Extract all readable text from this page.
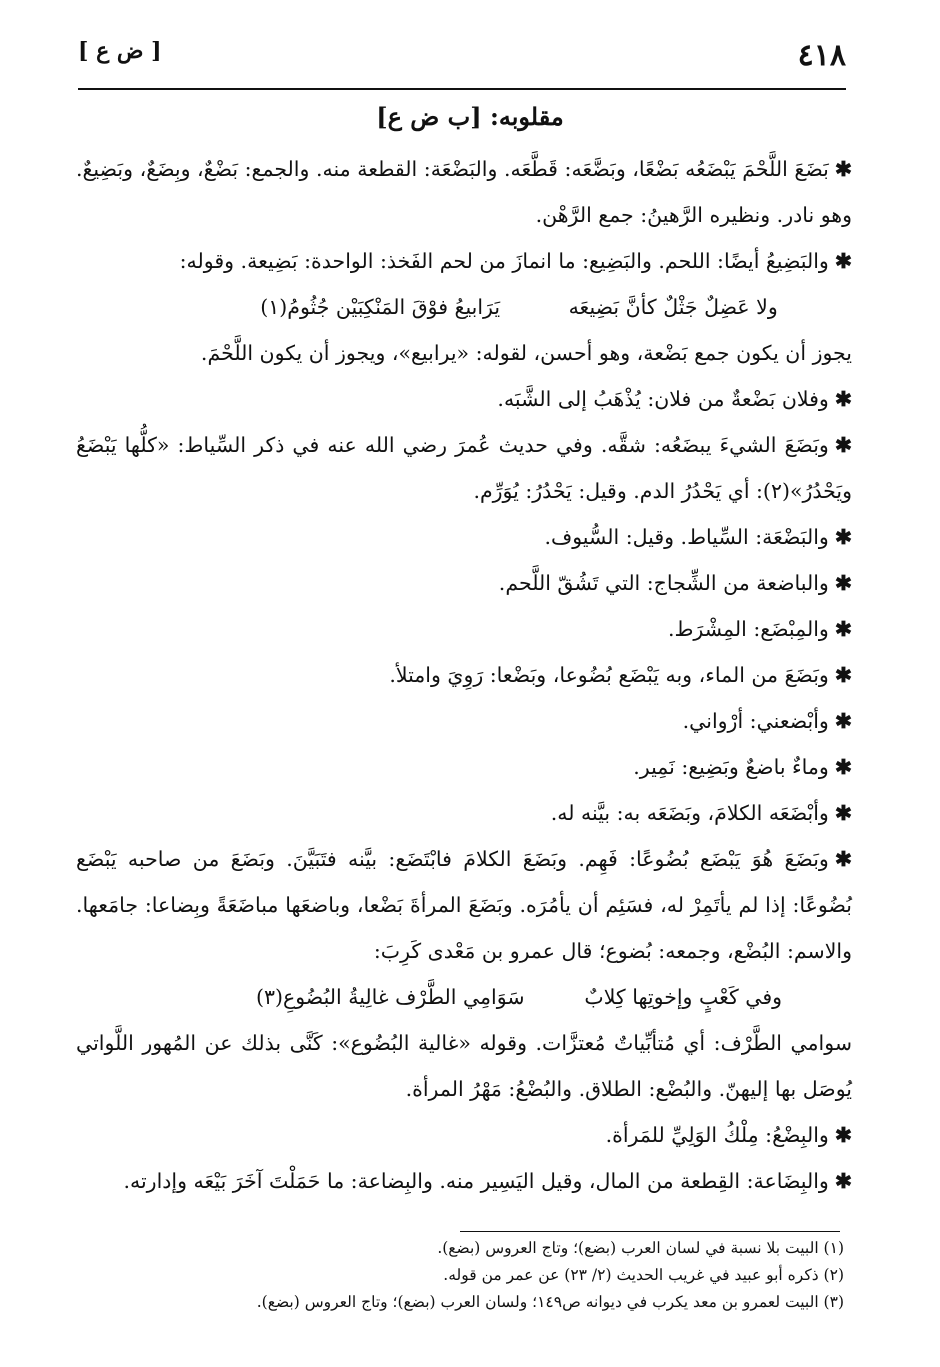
٤١٨
[ ض ع ]
مقلوبه: [ب ض ع]

✱بَضَعَ اللَّحْمَ يَبْضَعُه بَضْعًا، وبَضَّعَه: قَطَّعَه. والبَضْعَة: القطعة منه. والجمع: بَضْعٌ، وبِضَعٌ، وبَضِيعٌ. وهو نادر. ونظيره الرَّهينُ: جمع الرَّهْن.

✱والبَضِيعُ أيضًا: اللحم. والبَضِيع: ما انمازَ من لحم الفَخذ: الواحدة: بَضِيعة. وقوله:

ولا عَضِلٌ جَثْلٌ كأنَّ بَضِيعَه
يَرَابيعُ فوْقَ المَنْكِبَيْن جُثُومُ(١)

يجوز أن يكون جمع بَضْعة، وهو أحسن، لقوله: «يرابيع»، ويجوز أن يكون اللَّحْمَ.

✱وفلان بَضْعةٌ من فلان: يُذْهَبُ إلى الشَّبَه.

✱وبَضَعَ الشيءَ يبضَعُه: شقَّه. وفي حديث عُمرَ رضي الله عنه في ذكر السِّياط: «كلُّها يَبْضَعُ ويَحْدُرُ»(٢): أي يَحْدُرُ الدم. وقيل: يَحْدُرُ: يُوَرِّم.

✱والبَضْعَة: السِّياط. وقيل: السُّيوف.

✱والباضعة من الشِّجاج: التي تَشُقّ اللَّحم.

✱والمِبْضَع: المِشْرَط.

✱وبَضَعَ من الماء، وبه يَبْضَع بُضُوعا، وبَضْعا: رَوِيَ وامتلأ.

✱وأبْضعني: أرْواني.

✱وماءٌ باضعٌ وبَضِيع: نَمِير.

✱وأبْضَعَه الكلامَ، وبَضَعَه به: بيَّنه له.

✱وبَضَعَ هُوَ يَبْضَع بُضُوعًا: فَهِم. وبَضَعَ الكلامَ فابْتَضَع: بيَّنه فتَبَيَّنَ. وبَضَعَ من صاحبه يَبْضَع بُضُوعًا: إذا لم يأتَمِرْ له، فسَئِم أن يأمُرَه. وبَضَعَ المرأةَ بَضْعا، وباضعَها مباضَعَةً وبِضاعا: جامَعها. والاسم: البُضْع، وجمعه: بُضوع؛ قال عمرو بن مَعْدى كَرِبَ:

وفي كَعْبٍ وإخوتِها كِلابٌ
سَوَامِي الطَّرْف غالِيةُ البُضُوعِ(٣)

سوامي الطَّرْف: أي مُتأبِّياتٌ مُعتزَّات. وقوله «غالية البُضُوع»: كَنَّى بذلك عن المُهور اللَّواتي يُوصَل بها إليهنّ. والبُضْع: الطلاق. والبُضْعُ: مَهْرُ المرأة.

✱والبِضْعُ: مِلْكُ الوَلِيِّ للمَرأة.

✱والبِضَاعة: القِطعة من المال، وقيل اليَسِير منه. والبِضاعة: ما حَمَلْتَ آخَرَ بَيْعَه وإدارته.

(١) البيت بلا نسبة في لسان العرب (بضع)؛ وتاج العروس (بضع).

(٢) ذكره أبو عبيد في غريب الحديث (٢/ ٢٣) عن عمر من قوله.

(٣) البيت لعمرو بن معد يكرب في ديوانه ص١٤٩؛ ولسان العرب (بضع)؛ وتاج العروس (بضع).
